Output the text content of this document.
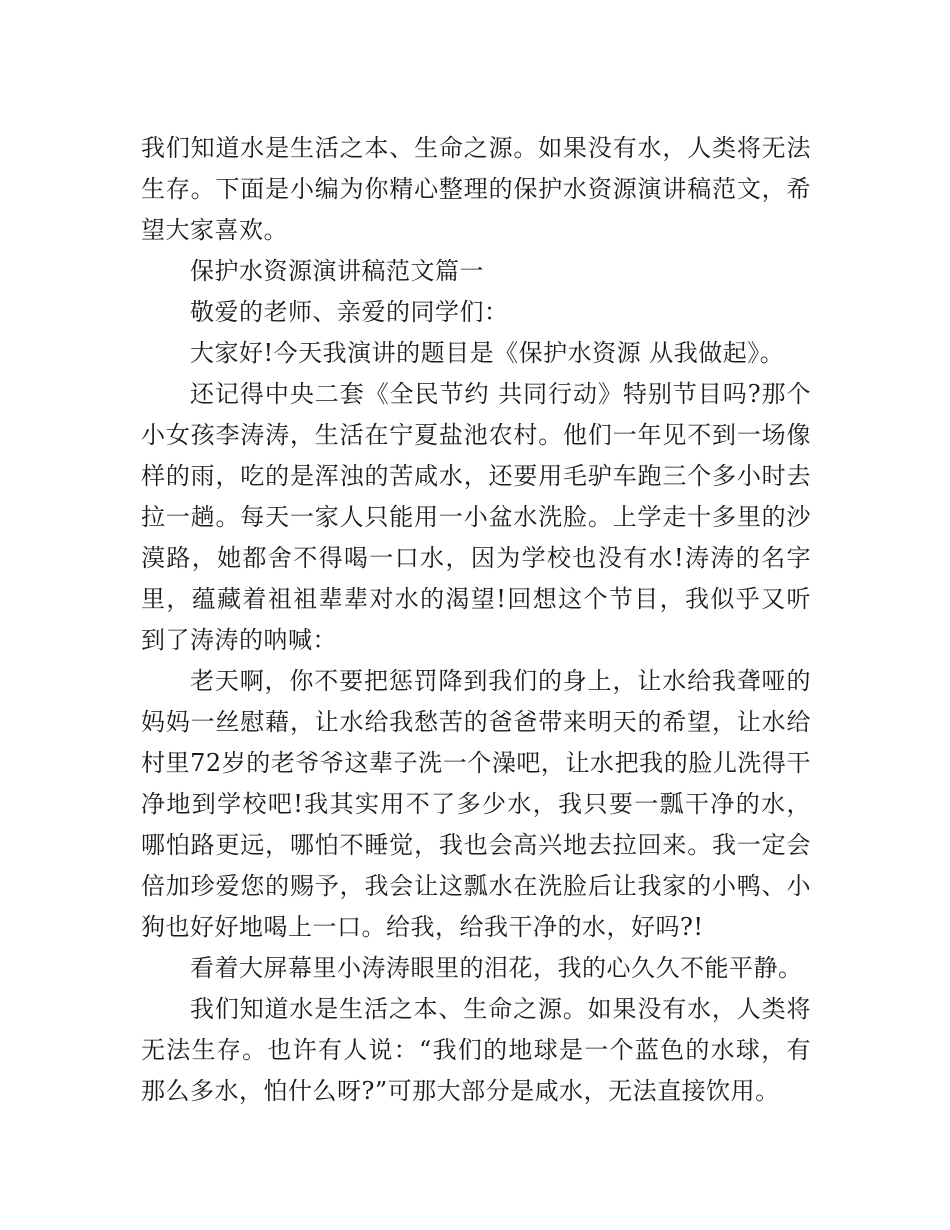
我们知道水是生活之本、生命之源。如果没有水，人类将无法生存。下面是小编为你精心整理的保护水资源演讲稿范文，希望大家喜欢。

保护水资源演讲稿范文篇一

敬爱的老师、亲爱的同学们：

大家好!今天我演讲的题目是《保护水资源 从我做起》。

还记得中央二套《全民节约 共同行动》特别节目吗?那个小女孩李涛涛，生活在宁夏盐池农村。他们一年见不到一场像样的雨，吃的是浑浊的苦咸水，还要用毛驴车跑三个多小时去拉一趟。每天一家人只能用一小盆水洗脸。上学走十多里的沙漠路，她都舍不得喝一口水，因为学校也没有水!涛涛的名字里，蕴藏着祖祖辈辈对水的渴望!回想这个节目，我似乎又听到了涛涛的呐喊：

老天啊，你不要把惩罚降到我们的身上，让水给我聋哑的妈妈一丝慰藉，让水给我愁苦的爸爸带来明天的希望，让水给村里72岁的老爷爷这辈子洗一个澡吧，让水把我的脸儿洗得干净地到学校吧!我其实用不了多少水，我只要一瓢干净的水，哪怕路更远，哪怕不睡觉，我也会高兴地去拉回来。我一定会倍加珍爱您的赐予，我会让这瓢水在洗脸后让我家的小鸭、小狗也好好地喝上一口。给我，给我干净的水，好吗?!

看着大屏幕里小涛涛眼里的泪花，我的心久久不能平静。

我们知道水是生活之本、生命之源。如果没有水，人类将无法生存。也许有人说：“我们的地球是一个蓝色的水球，有那么多水，怕什么呀?”可那大部分是咸水，无法直接饮用。
